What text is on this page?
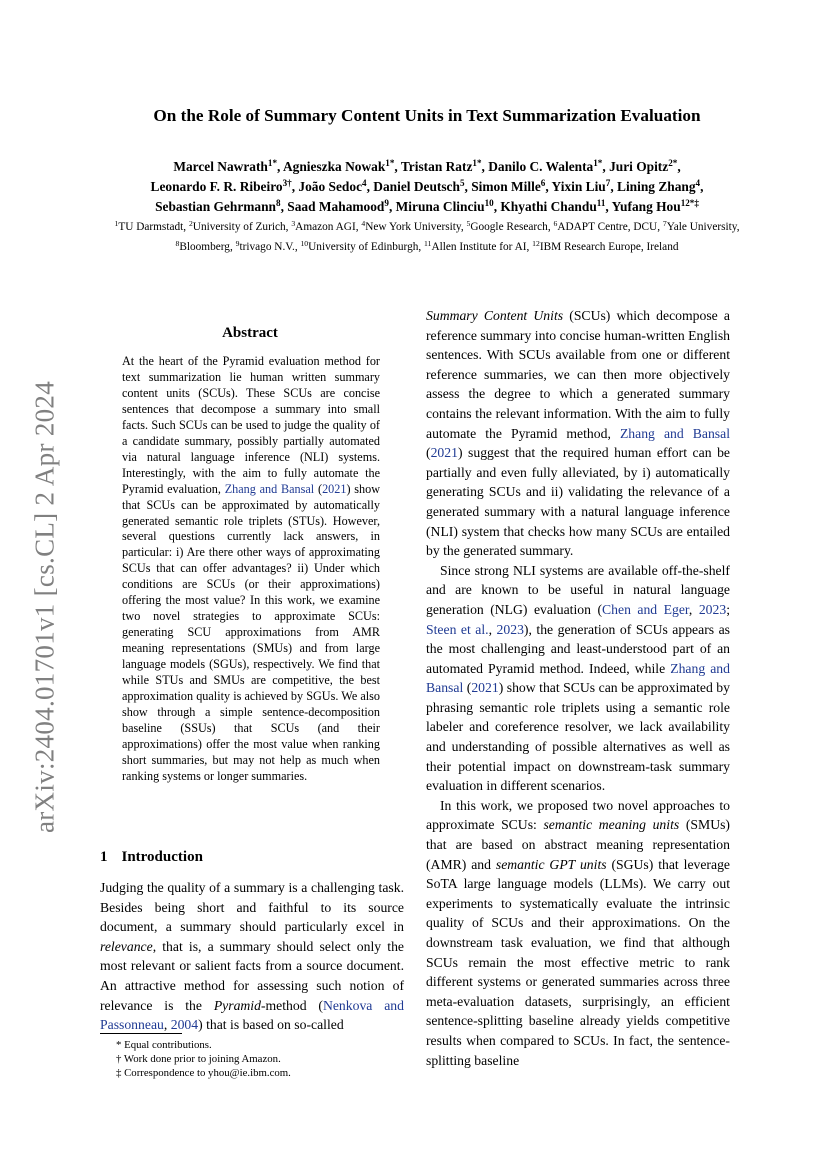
arXiv:2404.01701v1 [cs.CL] 2 Apr 2024
On the Role of Summary Content Units in Text Summarization Evaluation
Marcel Nawrath$^{1*}$, Agnieszka Nowak$^{1*}$, Tristan Ratz$^{1*}$, Danilo C. Walenta$^{1*}$, Juri Opitz$^{2*}$,
Leonardo F. R. Ribeiro$^{3\dagger}$, João Sedoc$^4$, Daniel Deutsch$^5$, Simon Mille$^6$, Yixin Liu$^7$, Lining Zhang$^4$,
Sebastian Gehrmann$^8$, Saad Mahamood$^9$, Miruna Clinciu$^{10}$, Khyathi Chandu$^{11}$, Yufang Hou$^{12*\ddagger}$
$^1$TU Darmstadt, $^2$University of Zurich, $^3$Amazon AGI, $^4$New York University, $^5$Google Research, $^6$ADAPT Centre, DCU, $^7$Yale University, $^8$Bloomberg, $^9$trivago N.V., $^{10}$University of Edinburgh, $^{11}$Allen Institute for AI, $^{12}$IBM Research Europe, Ireland
Abstract

At the heart of the Pyramid evaluation method for text summarization lie human written summary content units (SCUs). These SCUs are concise sentences that decompose a summary into small facts. Such SCUs can be used to judge the quality of a candidate summary, possibly partially automated via natural language inference (NLI) systems. Interestingly, with the aim to fully automate the Pyramid evaluation, Zhang and Bansal (2021) show that SCUs can be approximated by automatically generated semantic role triplets (STUs). However, several questions currently lack answers, in particular: i) Are there other ways of approximating SCUs that can offer advantages? ii) Under which conditions are SCUs (or their approximations) offering the most value? In this work, we examine two novel strategies to approximate SCUs: generating SCU approximations from AMR meaning representations (SMUs) and from large language models (SGUs), respectively. We find that while STUs and SMUs are competitive, the best approximation quality is achieved by SGUs. We also show through a simple sentence-decomposition baseline (SSUs) that SCUs (and their approximations) offer the most value when ranking short summaries, but may not help as much when ranking systems or longer summaries.

1 Introduction

Judging the quality of a summary is a challenging task. Besides being short and faithful to its source document, a summary should particularly excel in relevance, that is, a summary should select only the most relevant or salient facts from a source document. An attractive method for assessing such notion of relevance is the Pyramid-method (Nenkova and Passonneau, 2004) that is based on so-called

* Equal contributions.
† Work done prior to joining Amazon.
‡ Correspondence to yhou@ie.ibm.com.

Summary Content Units (SCUs) which decompose a reference summary into concise human-written English sentences. With SCUs available from one or different reference summaries, we can then more objectively assess the degree to which a generated summary contains the relevant information. With the aim to fully automate the Pyramid method, Zhang and Bansal (2021) suggest that the required human effort can be partially and even fully alleviated, by i) automatically generating SCUs and ii) validating the relevance of a generated summary with a natural language inference (NLI) system that checks how many SCUs are entailed by the generated summary.

Since strong NLI systems are available off-the-shelf and are known to be useful in natural language generation (NLG) evaluation (Chen and Eger, 2023; Steen et al., 2023), the generation of SCUs appears as the most challenging and least-understood part of an automated Pyramid method. Indeed, while Zhang and Bansal (2021) show that SCUs can be approximated by phrasing semantic role triplets using a semantic role labeler and coreference resolver, we lack availability and understanding of possible alternatives as well as their potential impact on downstream-task summary evaluation in different scenarios.

In this work, we proposed two novel approaches to approximate SCUs: semantic meaning units (SMUs) that are based on abstract meaning representation (AMR) and semantic GPT units (SGUs) that leverage SoTA large language models (LLMs). We carry out experiments to systematically evaluate the intrinsic quality of SCUs and their approximations. On the downstream task evaluation, we find that although SCUs remain the most effective metric to rank different systems or generated summaries across three meta-evaluation datasets, surprisingly, an efficient sentence-splitting baseline already yields competitive results when compared to SCUs. In fact, the sentence-splitting baseline
